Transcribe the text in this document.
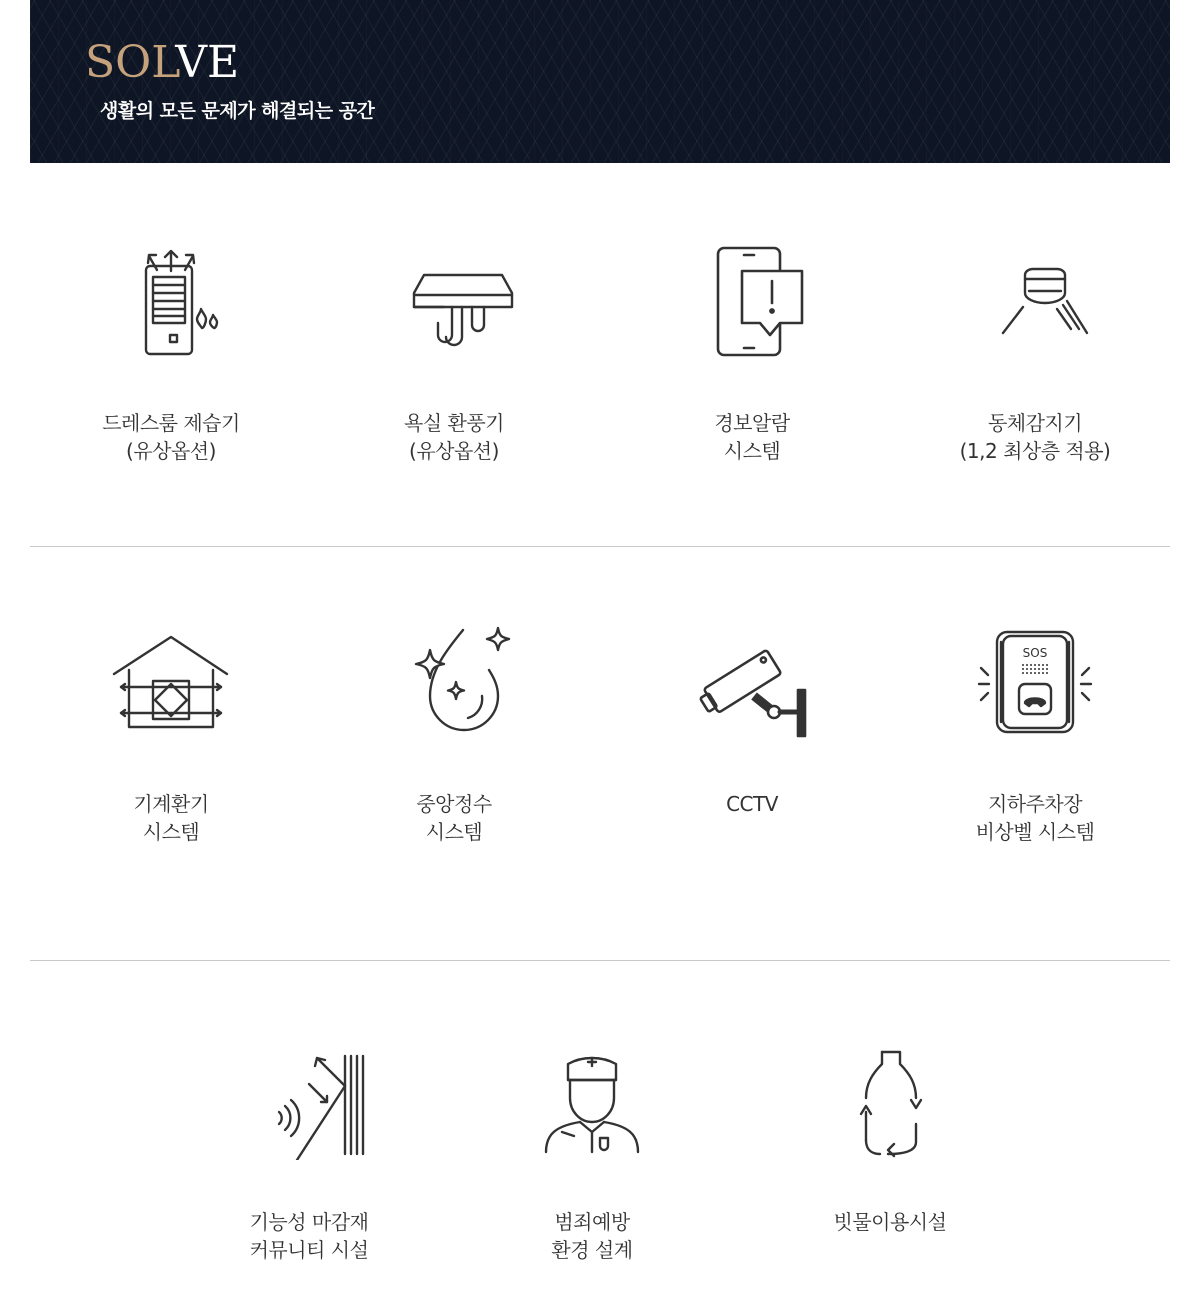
SOLVE
생활의 모든 문제가 해결되는 공간
드레스룸 제습기
(유상옵션)
욕실 환풍기
(유상옵션)
경보알람
시스템
동체감지기
(1,2 최상층 적용)
기계환기
시스템
중앙정수
시스템
CCTV
SOS
지하주차장
비상벨 시스템
기능성 마감재
커뮤니티 시설
범죄예방
환경 설계
빗물이용시설
